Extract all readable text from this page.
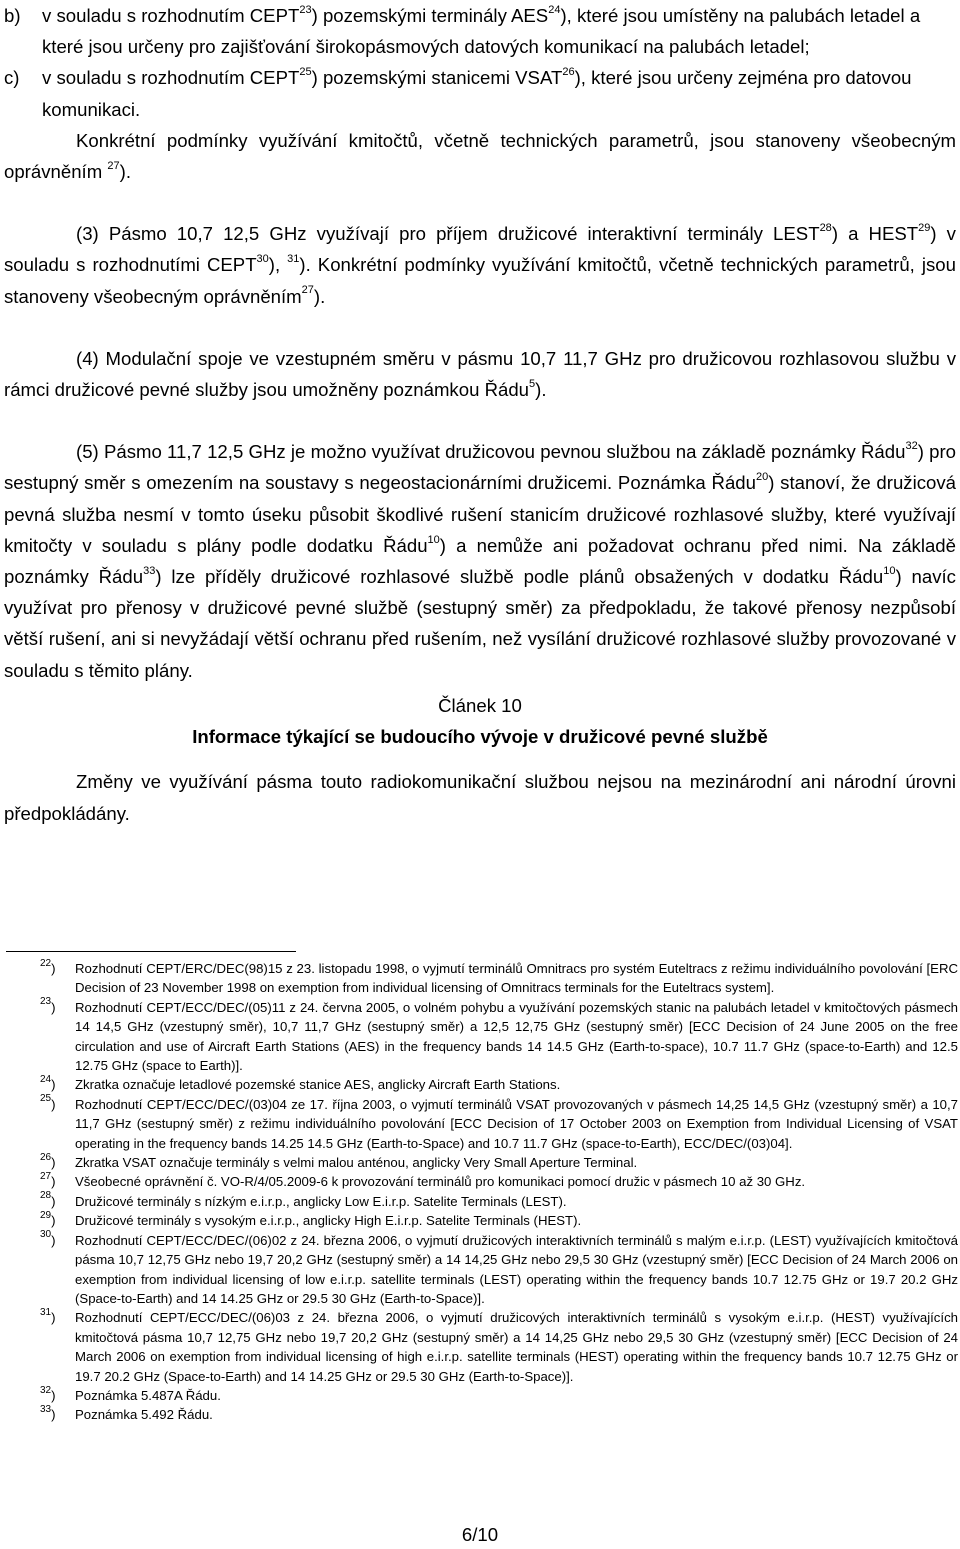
b) v souladu s rozhodnutím CEPT$^{23}$) pozemskými terminály AES$^{24}$), které jsou umístěny na palubách letadel a které jsou určeny pro zajišťování širokopásmových datových komunikací na palubách letadel;
c) v souladu s rozhodnutím CEPT$^{25}$) pozemskými stanicemi VSAT$^{26}$), které jsou určeny zejména pro datovou komunikaci.

Konkrétní podmínky využívání kmitočtů, včetně technických parametrů, jsou stanoveny všeobecným oprávněním $^{27}$).

(3) Pásmo 10,7 12,5 GHz využívají pro příjem družicové interaktivní terminály LEST$^{28}$) a HEST$^{29}$) v souladu s rozhodnutími CEPT$^{30}$), $^{31}$). Konkrétní podmínky využívání kmitočtů, včetně technických parametrů, jsou stanoveny všeobecným oprávněním$^{27}$).

(4) Modulační spoje ve vzestupném směru v pásmu 10,7 11,7 GHz pro družicovou rozhlasovou službu v rámci družicové pevné služby jsou umožněny poznámkou Řádu$^5$).

(5) Pásmo 11,7 12,5 GHz je možno využívat družicovou pevnou službou na základě poznámky Řádu$^{32}$) pro sestupný směr s omezením na soustavy s negeostacionárními družicemi. Poznámka Řádu$^{20}$) stanoví, že družicová pevná služba nesmí v tomto úseku působit škodlivé rušení stanicím družicové rozhlasové služby, které využívají kmitočty v souladu s plány podle dodatku Řádu$^{10}$) a nemůže ani požadovat ochranu před nimi. Na základě poznámky Řádu$^{33}$) lze příděly družicové rozhlasové službě podle plánů obsažených v dodatku Řádu$^{10}$) navíc využívat pro přenosy v družicové pevné službě (sestupný směr) za předpokladu, že takové přenosy nezpůsobí větší rušení, ani si nevyžádají větší ochranu před rušením, než vysílání družicové rozhlasové služby provozované v souladu s těmito plány.

Článek 10
Informace týkající se budoucího vývoje v družicové pevné službě

Změny ve využívání pásma touto radiokomunikační službou nejsou na mezinárodní ani národní úrovni předpokládány.

$^{22}$) Rozhodnutí CEPT/ERC/DEC(98)15 z 23. listopadu 1998, o vyjmutí terminálů Omnitracs pro systém Euteltracs z režimu individuálního povolování [ERC Decision of 23 November 1998 on exemption from individual licensing of Omnitracs terminals for the Euteltracs system].
$^{23}$) Rozhodnutí CEPT/ECC/DEC/(05)11 z 24. června 2005, o volném pohybu a využívání pozemských stanic na palubách letadel v kmitočtových pásmech 14 14,5 GHz (vzestupný směr), 10,7 11,7 GHz (sestupný směr) a 12,5 12,75 GHz (sestupný směr) [ECC Decision of 24 June 2005 on the free circulation and use of Aircraft Earth Stations (AES) in the frequency bands 14 14.5 GHz (Earth-to-space), 10.7 11.7 GHz (space-to-Earth) and 12.5 12.75 GHz (space to Earth)].
$^{24}$) Zkratka označuje letadlové pozemské stanice AES, anglicky Aircraft Earth Stations.
$^{25}$) Rozhodnutí CEPT/ECC/DEC/(03)04 ze 17. října 2003, o vyjmutí terminálů VSAT provozovaných v pásmech 14,25 14,5 GHz (vzestupný směr) a 10,7 11,7 GHz (sestupný směr) z režimu individuálního povolování [ECC Decision of 17 October 2003 on Exemption from Individual Licensing of VSAT operating in the frequency bands 14.25 14.5 GHz (Earth-to-Space) and 10.7 11.7 GHz (space-to-Earth), ECC/DEC/(03)04].
$^{26}$) Zkratka VSAT označuje terminály s velmi malou anténou, anglicky Very Small Aperture Terminal.
$^{27}$) Všeobecné oprávnění č. VO-R/4/05.2009-6 k provozování terminálů pro komunikaci pomocí družic v pásmech 10 až 30 GHz.
$^{28}$) Družicové terminály s nízkým e.i.r.p., anglicky Low E.i.r.p. Satelite Terminals (LEST).
$^{29}$) Družicové terminály s vysokým e.i.r.p., anglicky High E.i.r.p. Satelite Terminals (HEST).
$^{30}$) Rozhodnutí CEPT/ECC/DEC/(06)02 z 24. března 2006, o vyjmutí družicových interaktivních terminálů s malým e.i.r.p. (LEST) využívajících kmitočtová pásma 10,7 12,75 GHz nebo 19,7 20,2 GHz (sestupný směr) a 14 14,25 GHz nebo 29,5 30 GHz (vzestupný směr) [ECC Decision of 24 March 2006 on exemption from individual licensing of low e.i.r.p. satellite terminals (LEST) operating within the frequency bands 10.7 12.75 GHz or 19.7 20.2 GHz (Space-to-Earth) and 14 14.25 GHz or 29.5 30 GHz (Earth-to-Space)].
$^{31}$) Rozhodnutí CEPT/ECC/DEC/(06)03 z 24. března 2006, o vyjmutí družicových interaktivních terminálů s vysokým e.i.r.p. (HEST) využívajících kmitočtová pásma 10,7 12,75 GHz nebo 19,7 20,2 GHz (sestupný směr) a 14 14,25 GHz nebo 29,5 30 GHz (vzestupný směr) [ECC Decision of 24 March 2006 on exemption from individual licensing of high e.i.r.p. satellite terminals (HEST) operating within the frequency bands 10.7 12.75 GHz or 19.7 20.2 GHz (Space-to-Earth) and 14 14.25 GHz or 29.5 30 GHz (Earth-to-Space)].
$^{32}$) Poznámka 5.487A Řádu.
$^{33}$) Poznámka 5.492 Řádu.
6/10
